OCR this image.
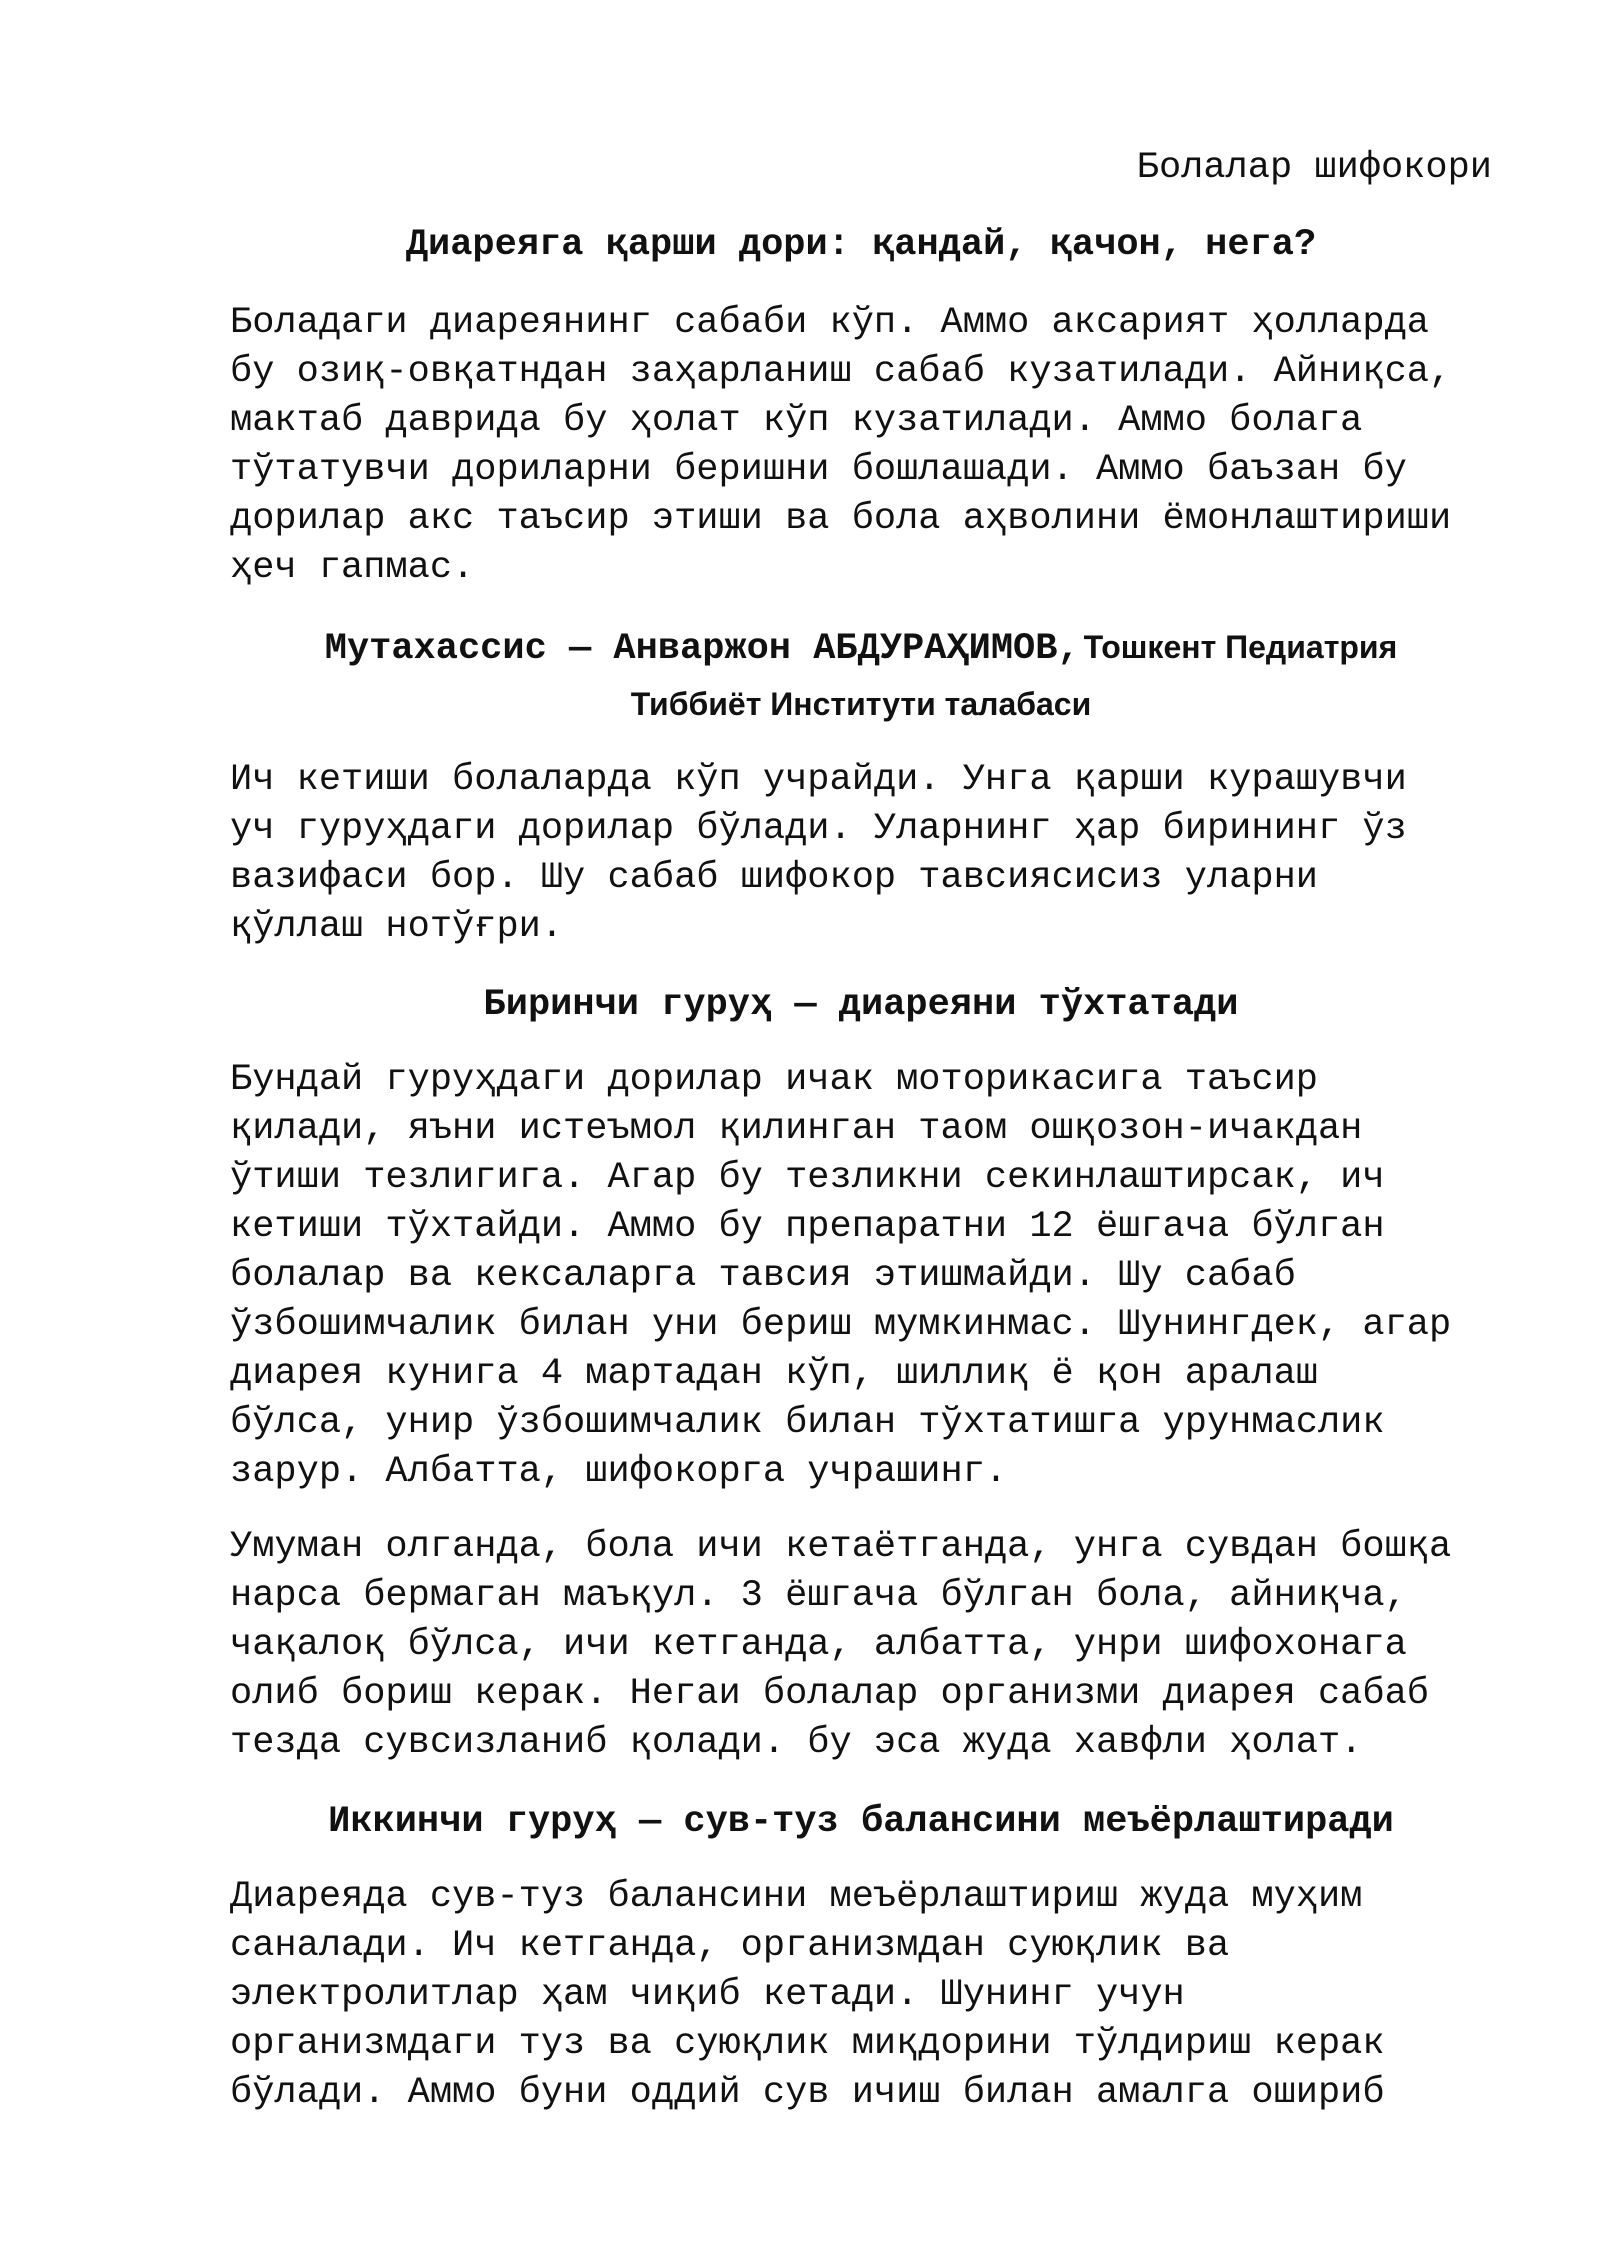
Болалар шифокори

Диареяга қарши дори: қандай, қачон, нега?

Боладаги диареянинг сабаби кўп. Аммо аксарият ҳолларда
бу озиқ-овқатндан заҳарланиш сабаб кузатилади. Айниқса,
мактаб даврида бу ҳолат кўп кузатилади. Аммо болага
тўтатувчи дориларни беришни бошлашади. Аммо баъзан бу
дорилар акс таъсир этиши ва бола аҳволини ёмонлаштириши
ҳеч гапмас.

Мутахассис — Анваржон АБДУРАҲИМОВ, Тошкент Педиатрия
Тиббиёт Институти талабаси

Ич кетиши болаларда кўп учрайди. Унга қарши курашувчи
уч гуруҳдаги дорилар бўлади. Уларнинг ҳар бирининг ўз
вазифаси бор. Шу сабаб шифокор тавсиясисиз уларни
қўллаш нотўғри.

Биринчи гуруҳ — диареяни тўхтатади

Бундай гуруҳдаги дорилар ичак моторикасига таъсир
қилади, яъни истеъмол қилинган таом ошқозон-ичакдан
ўтиши тезлигига. Агар бу тезликни секинлаштирсак, ич
кетиши тўхтайди. Аммо бу препаратни 12 ёшгача бўлган
болалар ва кексаларга тавсия этишмайди. Шу сабаб
ўзбошимчалик билан уни бериш мумкинмас. Шунингдек, агар
диарея кунига 4 мартадан кўп, шиллиқ ё қон аралаш
бўлса, унир ўзбошимчалик билан тўхтатишга урунмаслик
зарур. Албатта, шифокорга учрашинг.

Умуман олганда, бола ичи кетаётганда, унга сувдан бошқа
нарса бермаган маъқул. 3 ёшгача бўлган бола, айниқча,
чақалоқ бўлса, ичи кетганда, албатта, унри шифохонага
олиб бориш керак. Негаи болалар организми диарея сабаб
тезда сувсизланиб қолади. бу эса жуда хавфли ҳолат.

Иккинчи гуруҳ — сув-туз балансини меъёрлаштиради

Диареяда сув-туз балансини меъёрлаштириш жуда муҳим
саналади. Ич кетганда, организмдан суюқлик ва
электролитлар ҳам чиқиб кетади. Шунинг учун
организмдаги туз ва суюқлик миқдорини тўлдириш керак
бўлади. Аммо буни оддий сув ичиш билан амалга ошириб
